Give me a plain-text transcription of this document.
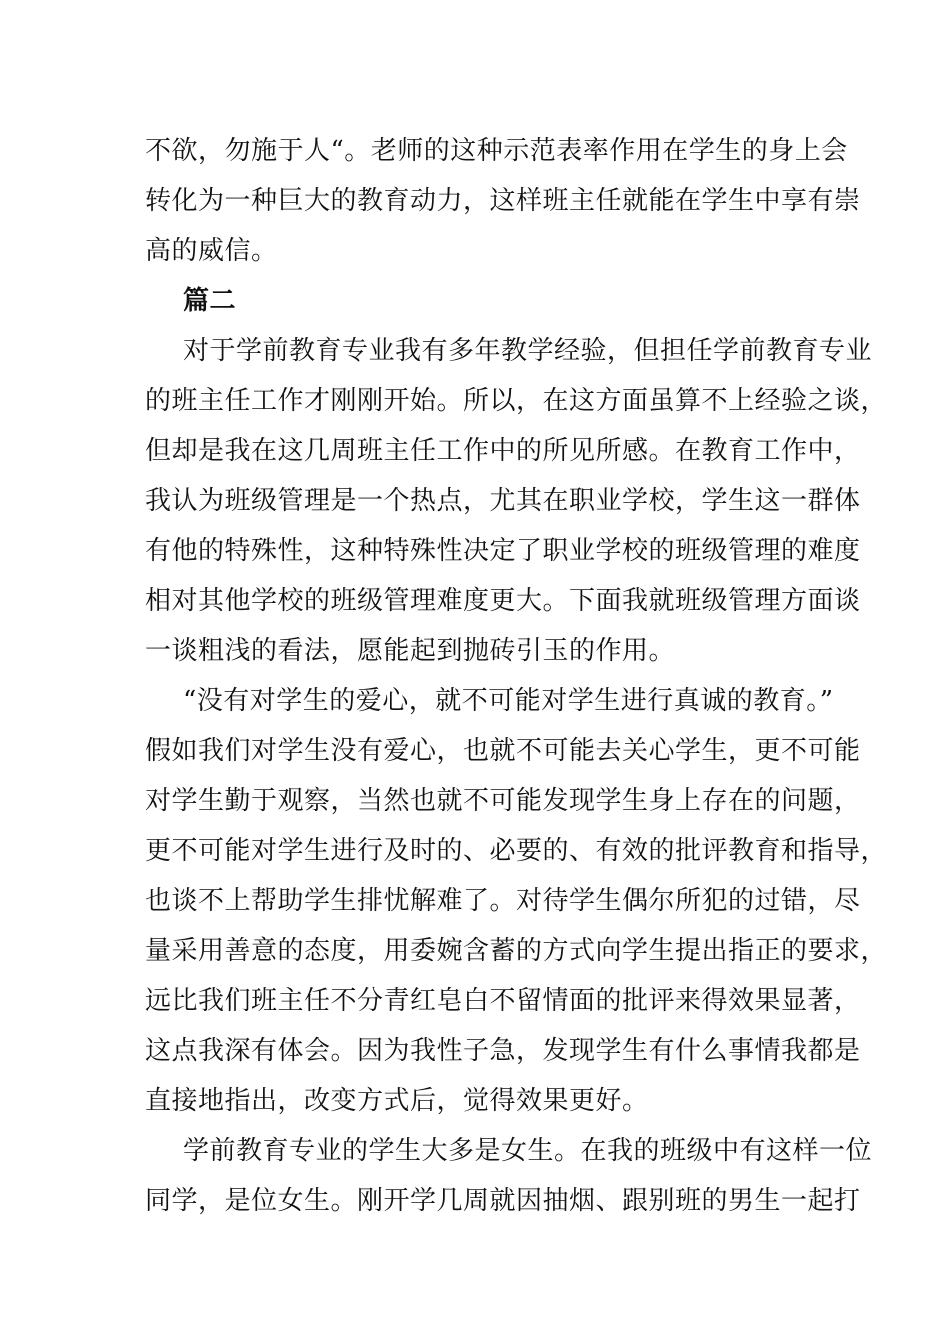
不欲，勿施于人“。老师的这种示范表率作用在学生的身上会
转化为一种巨大的教育动力，这样班主任就能在学生中享有崇
高的威信。
篇二
对于学前教育专业我有多年教学经验，但担任学前教育专业
的班主任工作才刚刚开始。所以，在这方面虽算不上经验之谈，
但却是我在这几周班主任工作中的所见所感。在教育工作中，
我认为班级管理是一个热点，尤其在职业学校，学生这一群体
有他的特殊性，这种特殊性决定了职业学校的班级管理的难度
相对其他学校的班级管理难度更大。下面我就班级管理方面谈
一谈粗浅的看法，愿能起到抛砖引玉的作用。
“没有对学生的爱心，就不可能对学生进行真诚的教育。”
假如我们对学生没有爱心，也就不可能去关心学生，更不可能
对学生勤于观察，当然也就不可能发现学生身上存在的问题，
更不可能对学生进行及时的、必要的、有效的批评教育和指导，
也谈不上帮助学生排忧解难了。对待学生偶尔所犯的过错，尽
量采用善意的态度，用委婉含蓄的方式向学生提出指正的要求，
远比我们班主任不分青红皂白不留情面的批评来得效果显著，
这点我深有体会。因为我性子急，发现学生有什么事情我都是
直接地指出，改变方式后，觉得效果更好。
学前教育专业的学生大多是女生。在我的班级中有这样一位
同学，是位女生。刚开学几周就因抽烟、跟别班的男生一起打
